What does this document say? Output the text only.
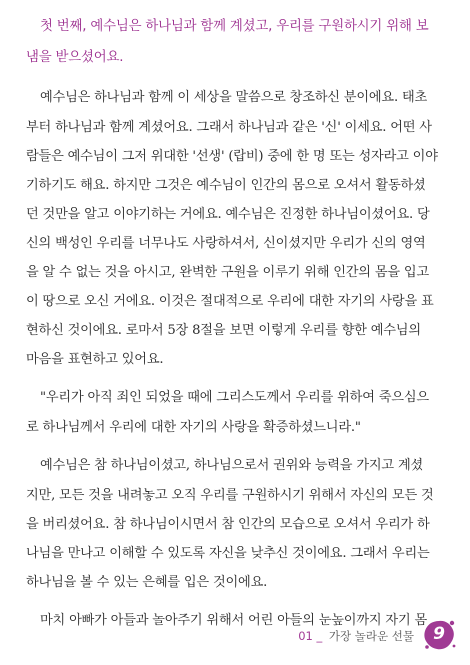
첫 번째, 예수님은 하나님과 함께 계셨고, 우리를 구원하시기 위해 보
냄을 받으셨어요.
예수님은 하나님과 함께 이 세상을 말씀으로 창조하신 분이에요. 태초
부터 하나님과 함께 계셨어요. 그래서 하나님과 같은 '신' 이세요. 어떤 사
람들은 예수님이 그저 위대한 '선생' (랍비) 중에 한 명 또는 성자라고 이야
기하기도 해요. 하지만 그것은 예수님이 인간의 몸으로 오셔서 활동하셨
던 것만을 알고 이야기하는 거에요. 예수님은 진정한 하나님이셨어요. 당
신의 백성인 우리를 너무나도 사랑하셔서, 신이셨지만 우리가 신의 영역
을 알 수 없는 것을 아시고, 완벽한 구원을 이루기 위해 인간의 몸을 입고
이 땅으로 오신 거에요. 이것은 절대적으로 우리에 대한 자기의 사랑을 표
현하신 것이에요. 로마서 5장 8절을 보면 이렇게 우리를 향한 예수님의
마음을 표현하고 있어요.
"우리가 아직 죄인 되었을 때에 그리스도께서 우리를 위하여 죽으심으
로 하나님께서 우리에 대한 자기의 사랑을 확증하셨느니라."
예수님은 참 하나님이셨고, 하나님으로서 권위와 능력을 가지고 계셨
지만, 모든 것을 내려놓고 오직 우리를 구원하시기 위해서 자신의 모든 것
을 버리셨어요. 참 하나님이시면서 참 인간의 모습으로 오셔서 우리가 하
나님을 만나고 이해할 수 있도록 자신을 낮추신 것이에요. 그래서 우리는
하나님을 볼 수 있는 은혜를 입은 것이에요.
마치 아빠가 아들과 놀아주기 위해서 어린 아들의 눈높이까지 자기 몸
01 _ 가장 놀라운 선물	9
